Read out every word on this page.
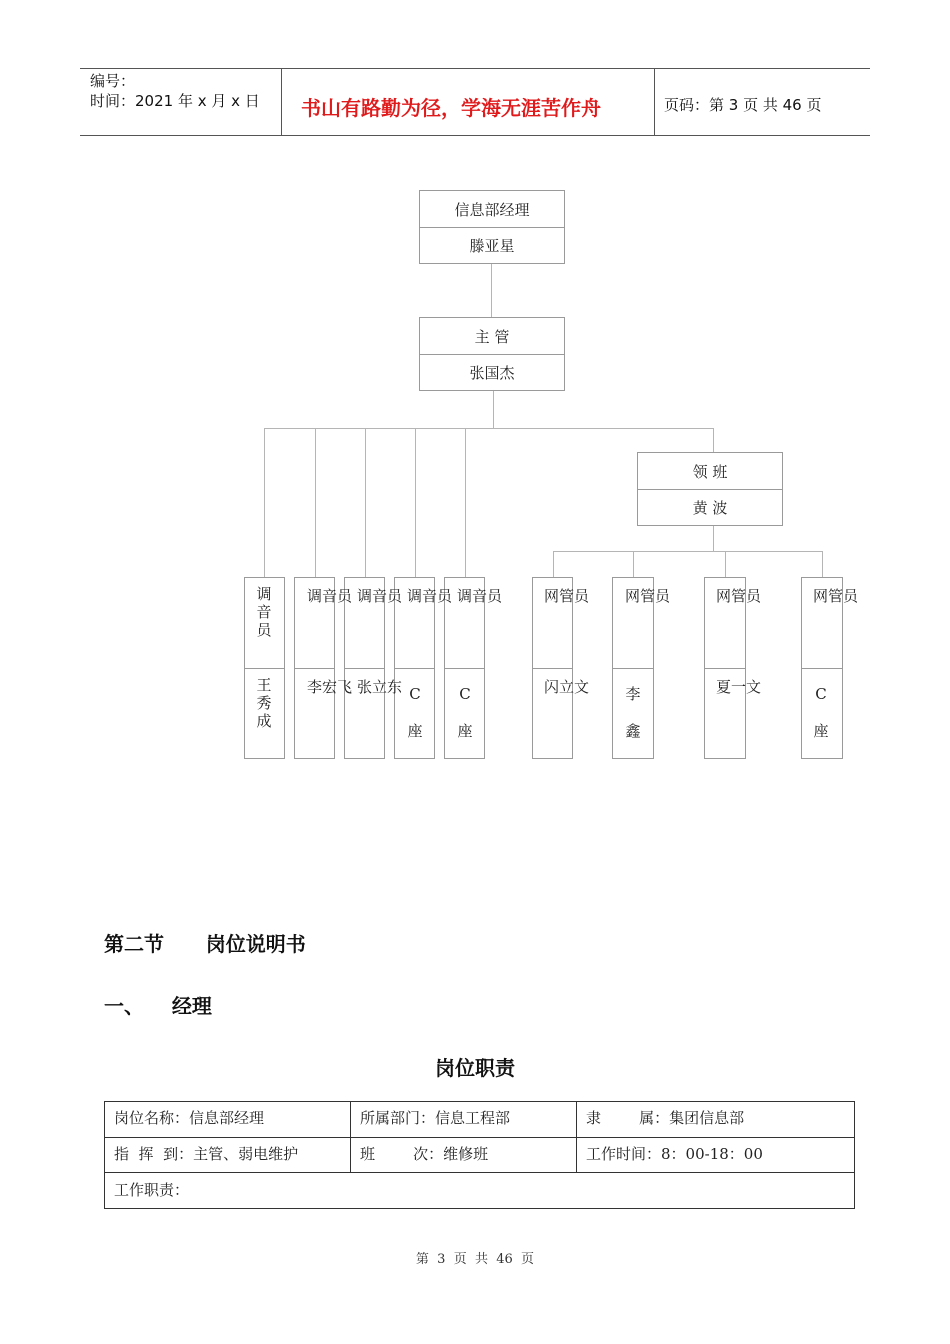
编号：
时间：2021 年 x 月 x 日 书山有路勤为径，学海无涯苦作舟	页码：第 3 页 共 46 页
信息部经理
滕亚星
主 管
张国杰
领 班
黄 波
调音员
王秀成
调音员
李宏飞
调音员
张立东
调音员
C座
调音员
C座
网管员
闪立文
网管员
李鑫
网管员
夏一文
网管员
C座
第二节      岗位说明书
一、    经理
岗位职责
岗位名称：信息部经理	所属部门：信息工程部	隶        属：集团信息部
指  挥  到：主管、弱电维护	班        次：维修班	工作时间：8：00-18：00
工作职责：
第  3  页  共  46  页
